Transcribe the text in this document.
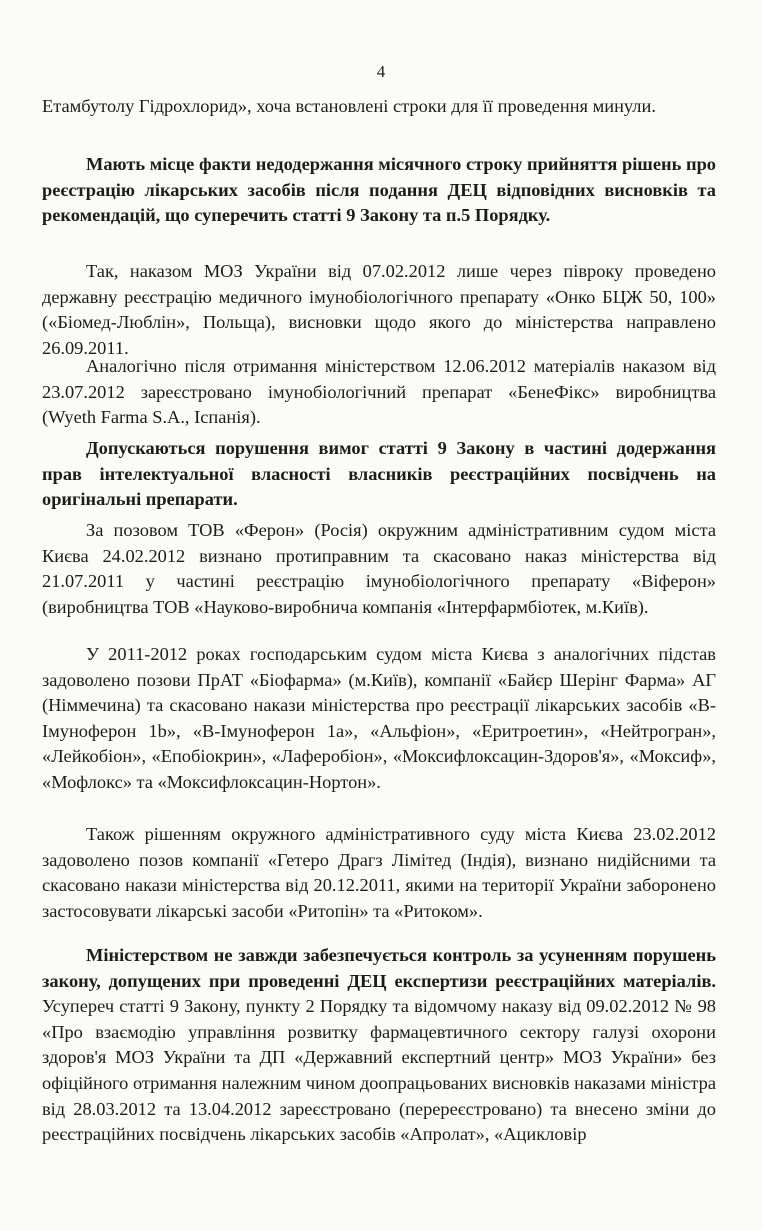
4

Етамбутолу Гідрохлорид», хоча встановлені строки для її проведення минули.

Мають місце факти недодержання місячного строку прийняття рішень про реєстрацію лікарських засобів після подання ДЕЦ відповідних висновків та рекомендацій, що суперечить статті 9 Закону та п.5 Порядку.

Так, наказом МОЗ України від 07.02.2012 лише через півроку проведено державну реєстрацію медичного імунобіологічного препарату «Онко БЦЖ 50, 100» («Біомед-Люблін», Польща), висновки щодо якого до міністерства направлено 26.09.2011.

Аналогічно після отримання міністерством 12.06.2012 матеріалів наказом від 23.07.2012 зареєстровано імунобіологічний препарат «БенеФікс» виробництва (Wyeth Farma S.A., Іспанія).

Допускаються порушення вимог статті 9 Закону в частині додержання прав інтелектуальної власності власників реєстраційних посвідчень на оригінальні препарати.

За позовом ТОВ «Ферон» (Росія) окружним адміністративним судом міста Києва 24.02.2012 визнано протиправним та скасовано наказ міністерства від 21.07.2011 у частині реєстрацію імунобіологічного препарату «Віферон» (виробництва ТОВ «Науково-виробнича компанія «Інтерфармбіотек, м.Київ).

У 2011-2012 роках господарським судом міста Києва з аналогічних підстав задоволено позови ПрАТ «Біофарма» (м.Київ), компанії «Байєр Шерінг Фарма» АГ (Німмечина) та скасовано накази міністерства про реєстрації лікарських засобів «В-Імуноферон 1b», «В-Імуноферон 1а», «Альфіон», «Еритроетин», «Нейтрогран», «Лейкобіон», «Епобіокрин», «Лаферобіон», «Моксифлоксацин-Здоров'я», «Моксиф», «Мофлокс» та «Моксифлоксацин-Нортон».

Також рішенням окружного адміністративного суду міста Києва 23.02.2012 задоволено позов компанії «Гетеро Драгз Лімітед (Індія), визнано нидійсними та скасовано накази міністерства від 20.12.2011, якими на території України заборонено застосовувати лікарські засоби «Ритопін» та «Ритоком».

Міністерством не завжди забезпечується контроль за усуненням порушень закону, допущених при проведенні ДЕЦ експертизи реєстраційних матеріалів. Усупереч статті 9 Закону, пункту 2 Порядку та відомчому наказу від 09.02.2012 № 98 «Про взаємодію управління розвитку фармацевтичного сектору галузі охорони здоров'я МОЗ України та ДП «Державний експертний центр» МОЗ України» без офіційного отримання належним чином доопрацьованих висновків наказами міністра від 28.03.2012 та 13.04.2012 зареєстровано (перереєстровано) та внесено зміни до реєстраційних посвідчень лікарських засобів «Апролат», «Ацикловір
